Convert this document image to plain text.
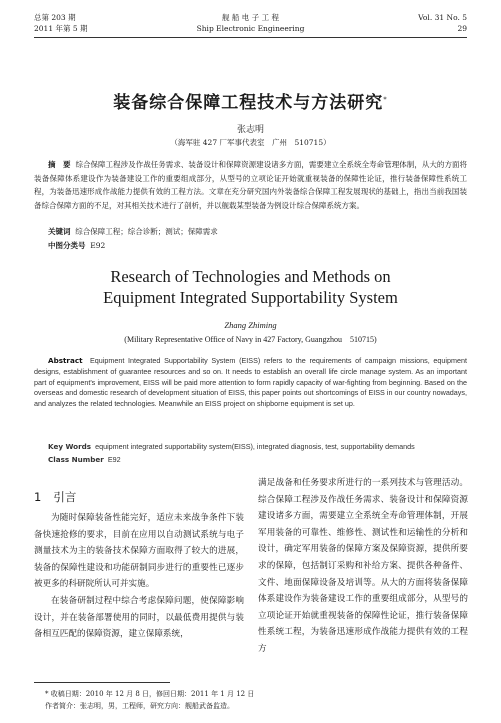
总第 203 期
2011 年第 5 期
舰 船 电 子 工 程
Ship Electronic Engineering
Vol. 31 No. 5
29
装备综合保障工程技术与方法研究*
张志明
（海军驻 427 厂军事代表室　广州　510715）
摘　要 综合保障工程涉及作战任务需求、装备设计和保障资源建设诸多方面，需要建立全系统全寿命管理体制，从大的方面将装备保障体系建设作为装备建设工作的重要组成部分，从型号的立项论证开始就重视装备的保障性论证，推行装备保障性系统工程，为装备迅速形成作战能力提供有效的工程方法。文章在充分研究国内外装备综合保障工程发展现状的基础上，指出当前我国装备综合保障方面的不足，对其相关技术进行了剖析，并以舰载某型装备为例设计综合保障系统方案。
关键词 综合保障工程；综合诊断；测试；保障需求
中图分类号 E92
Research of Technologies and Methods on
Equipment Integrated Supportability System
Zhang Zhiming
(Military Representative Office of Navy in 427 Factory, Guangzhou　510715)
Abstract Equipment Integrated Supportability System (EISS) refers to the requirements of campaign missions, equipment designs, establishment of guarantee resources and so on. It needs to establish an overall life circle manage system. As an important part of equipment's improvement, EISS will be paid more attention to form rapidly capacity of war-fighting from beginning. Based on the overseas and domestic research of development situation of EISS, this paper points out shortcomings of EISS in our country nowadays, and analyzes the related technologies. Meanwhile an EISS project on shipborne equipment is set up.
Key Words equipment integrated supportability system(EISS), integrated diagnosis, test, supportability demands
Class Number E92
1 引言

为随时保障装备性能完好，适应未来战争条件下装备快速抢修的要求，目前在应用以自动测试系统与电子测量技术为主的装备技术保障方面取得了较大的进展，装备的保障性建设和功能研制同步进行的重要性已逐步被更多的科研院所认可并实施。

在装备研制过程中综合考虑保障问题，使保障影响设计，并在装备部署使用的同时，以最低费用提供与装备相互匹配的保障资源，建立保障系统，

满足战备和任务要求所进行的一系列技术与管理活动。综合保障工程涉及作战任务需求、装备设计和保障资源建设诸多方面，需要建立全系统全寿命管理体制，开展军用装备的可靠性、维修性、测试性和运输性的分析和设计，确定军用装备的保障方案及保障资源，提供所要求的保障，包括制订采购和补给方案、提供各种备件、文件、地面保障设备及培训等。从大的方面将装备保障体系建设作为装备建设工作的重要组成部分，从型号的立项论证开始就重视装备的保障性论证，推行装备保障性系统工程，为装备迅速形成作战能力提供有效的工程方

* 收稿日期：2010 年 12 月 8 日，修回日期：2011 年 1 月 12 日
作者简介：张志明，男，工程师，研究方向：舰船武备监造。
